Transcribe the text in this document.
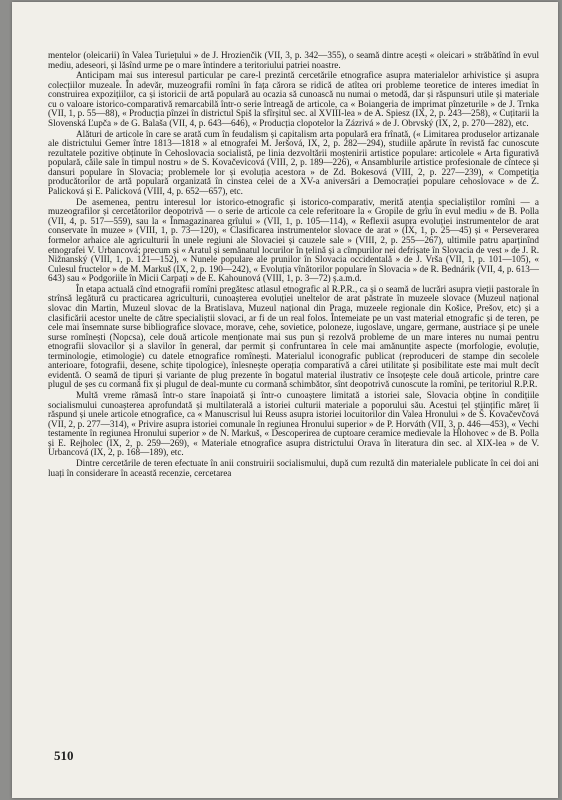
mentelor (oleicarii) în Valea Turiețului » de J. Hrozienčik (VII, 3, p. 342—355), o seamă dintre acești « oleicari » străbătînd în evul mediu, adeseori, și lăsînd urme pe o mare întindere a teritoriului patriei noastre.

Anticipam mai sus interesul particular pe care-l prezintă cercetările etnografice asupra materialelor arhivistice și asupra colecțiilor muzeale. În adevăr, muzeografii romîni în fața cărora se ridică de atîtea ori probleme teoretice de interes imediat în construirea expozițiilor, ca și istoricii de artă populară au ocazia să cunoască nu numai o metodă, dar și răspunsuri utile și materiale cu o valoare istorico-comparativă remarcabilă într-o serie întreagă de articole, ca « Boiangeria de imprimat pînzeturile » de J. Trnka (VII, 1, p. 55—88), « Producția pînzei în districtul Spiš la sfîrșitul sec. al XVIII-lea » de A. Spiesz (IX, 2, p. 243—258), « Cuțitarii la Slovenská Ľupča » de G. Balaša (VII, 4, p. 643—646), « Producția clopotelor la Zázrivá » de J. Obrvský (IX, 2, p. 270—282), etc.

Alături de articole în care se arată cum în feudalism și capitalism arta populară era frînată, (« Limitarea produselor artizanale ale districtului Gemer între 1813—1818 » al etnografei M. Jeršová, IX, 2, p. 282—294), studiile apărute în revistă fac cunoscute rezultatele pozitive obținute în Cehoslovacia socialistă, pe linia dezvoltării moștenirii artistice populare: articolele « Arta figurativă populară, căile sale în timpul nostru » de S. Kovačevicová (VIII, 2, p. 189—226), « Ansamblurile artistice profesionale de cîntece și dansuri populare în Slovacia; problemele lor și evoluția acestora » de Zd. Bokesová (VIII, 2, p. 227—239), « Competiția producătorilor de artă populară organizată în cinstea celei de a XV-a aniversări a Democrației populare cehoslovace » de Z. Palicková și E. Palicková (VIII, 4, p. 652—657), etc.

De asemenea, pentru interesul lor istorico-etnografic și istorico-comparativ, merită atenția specialiștilor romîni — a muzeografilor și cercetătorilor deopotrivă — o serie de articole ca cele referitoare la « Gropile de grîu în evul mediu » de B. Polla (VII, 4, p. 517—559), sau la « Înmagazinarea grîului » (VII, 1, p. 105—114), « Reflexii asupra evoluției instrumentelor de arat conservate în muzee » (VIII, 1, p. 73—120), « Clasificarea instrumentelor slovace de arat » (IX, 1, p. 25—45) și « Perseverarea formelor arhaice ale agriculturii în unele regiuni ale Slovaciei și cauzele sale » (VIII, 2, p. 255—267), ultimile patru aparținînd etnografei V. Urbancová; precum și « Aratul și semănatul locurilor în țelină și a cîmpurilor nei defrișate în Slovacia de vest » de J. R. Nižnanský (VIII, 1, p. 121—152), « Nunele populare ale prunilor în Slovacia occidentală » de J. Vrša (VII, 1, p. 101—105), « Culesul fructelor » de M. Markuš (IX, 2, p. 190—242), « Evoluția vînătorilor populare în Slovacia » de R. Bednárik (VII, 4, p. 613—643) sau « Podgoriile în Micii Carpați » de E. Kahounová (VIII, 1, p. 3—72) ș.a.m.d.

În etapa actuală cînd etnografii romîni pregătesc atlasul etnografic al R.P.R., ca și o seamă de lucrări asupra vieții pastorale în strînsă legătură cu practicarea agriculturii, cunoașterea evoluției uneltelor de arat păstrate în muzeele slovace (Muzeul național slovac din Martin, Muzeul slovac de la Bratislava, Muzeul național din Praga, muzeele regionale din Košice, Prešov, etc) și a clasificării acestor unelte de către specialiștii slovaci, ar fi de un real folos. Întemeiate pe un vast material etnografic și de teren, pe cele mai însemnate surse bibliografice slovace, morave, cehe, sovietice, poloneze, iugoslave, ungare, germane, austriace și pe unele surse romînești (Nopcsa), cele două articole menționate mai sus pun și rezolvă probleme de un mare interes nu numai pentru etnografii slovacilor și a slavilor în general, dar permit și confruntarea în cele mai amănunțite aspecte (morfologie, evoluție, terminologie, etimologie) cu datele etnografice romînești. Materialul iconografic publicat (reproduceri de stampe din secolele anterioare, fotografii, desene, schițe tipologice), înlesnește operația comparativă a cărei utilitate și posibilitate este mai mult decît evidentă. O seamă de tipuri și variante de plug prezente în bogatul material ilustrativ ce însoțește cele două articole, printre care plugul de șes cu cormană fix și plugul de deal-munte cu cormană schimbător, sînt deopotrivă cunoscute la romîni, pe teritoriul R.P.R.

Multă vreme rămasă într-o stare înapoiată și într-o cunoaștere limitată a istoriei sale, Slovacia obține în condițiile socialismului cunoașterea aprofundată și multilaterală a istoriei culturii materiale a poporului său. Acestui țel științific măreț îi răspund și unele articole etnografice, ca « Manuscrisul lui Reuss asupra istoriei locuitorilor din Valea Hronului » de Š. Kovačevčová (VII, 2, p. 277—314), « Privire asupra istoriei comunale în regiunea Hronului superior » de P. Horváth (VII, 3, p. 446—453), « Vechi testamente în regiunea Hronului superior » de N. Markuš, « Descoperirea de cuptoare ceramice medievale la Hlohovec » de B. Polla și E. Rejholec (IX, 2, p. 259—269), « Materiale etnografice asupra districtului Orava în literatura din sec. al XIX-lea » de V. Urbancová (IX, 2, p. 168—189), etc.

Dintre cercetările de teren efectuate în anii construirii socialismului, după cum rezultă din materialele publicate în cei doi ani luați în considerare în această recenzie, cercetarea

510
